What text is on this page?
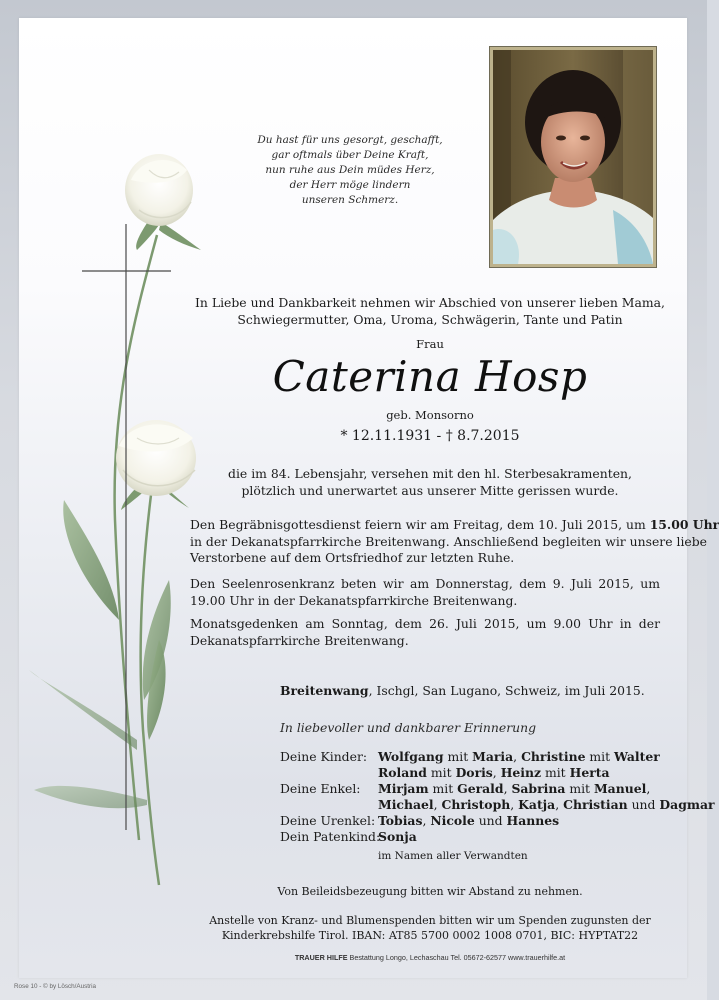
Du hast für uns gesorgt, geschafft,
gar oftmals über Deine Kraft,
nun ruhe aus Dein müdes Herz,
der Herr möge lindern
unseren Schmerz.
In Liebe und Dankbarkeit nehmen wir Abschied von unserer lieben Mama,
Schwiegermutter, Oma, Uroma, Schwägerin, Tante und Patin
Frau
Caterina Hosp
geb. Monsorno
* 12.11.1931 - † 8.7.2015
die im 84. Lebensjahr, versehen mit den hl. Sterbesakramenten,
plötzlich und unerwartet aus unserer Mitte gerissen wurde.
Den Begräbnisgottesdienst feiern wir am Freitag, dem 10. Juli 2015, um 15.00 Uhr
in der Dekanatspfarrkirche Breitenwang. Anschließend begleiten wir unsere liebe
Verstorbene auf dem Ortsfriedhof zur letzten Ruhe.
Den Seelenrosenkranz beten wir am Donnerstag, dem 9. Juli 2015, um
19.00 Uhr in der Dekanatspfarrkirche Breitenwang.
Monatsgedenken am Sonntag, dem 26. Juli 2015, um 9.00 Uhr in der
Dekanatspfarrkirche Breitenwang.
Breitenwang, Ischgl, San Lugano, Schweiz, im Juli 2015.
In liebevoller und dankbarer Erinnerung
Deine Kinder: Wolfgang mit Maria, Christine mit Walter
Roland mit Doris, Heinz mit Herta
Deine Enkel: Mirjam mit Gerald, Sabrina mit Manuel,
Michael, Christoph, Katja, Christian und Dagmar
Deine Urenkel: Tobias, Nicole und Hannes
Dein Patenkind:
Sonja
im Namen aller Verwandten
Von Beileidsbezeugung bitten wir Abstand zu nehmen.
Anstelle von Kranz- und Blumenspenden bitten wir um Spenden zugunsten der
Kinderkrebshilfe Tirol. IBAN: AT85 5700 0002 1008 0701, BIC: HYPTAT22
TRAUER HILFE Bestattung Longo, Lechaschau Tel. 05672-62577 www.trauerhilfe.at
Rose 10 - © by Lösch/Austria
